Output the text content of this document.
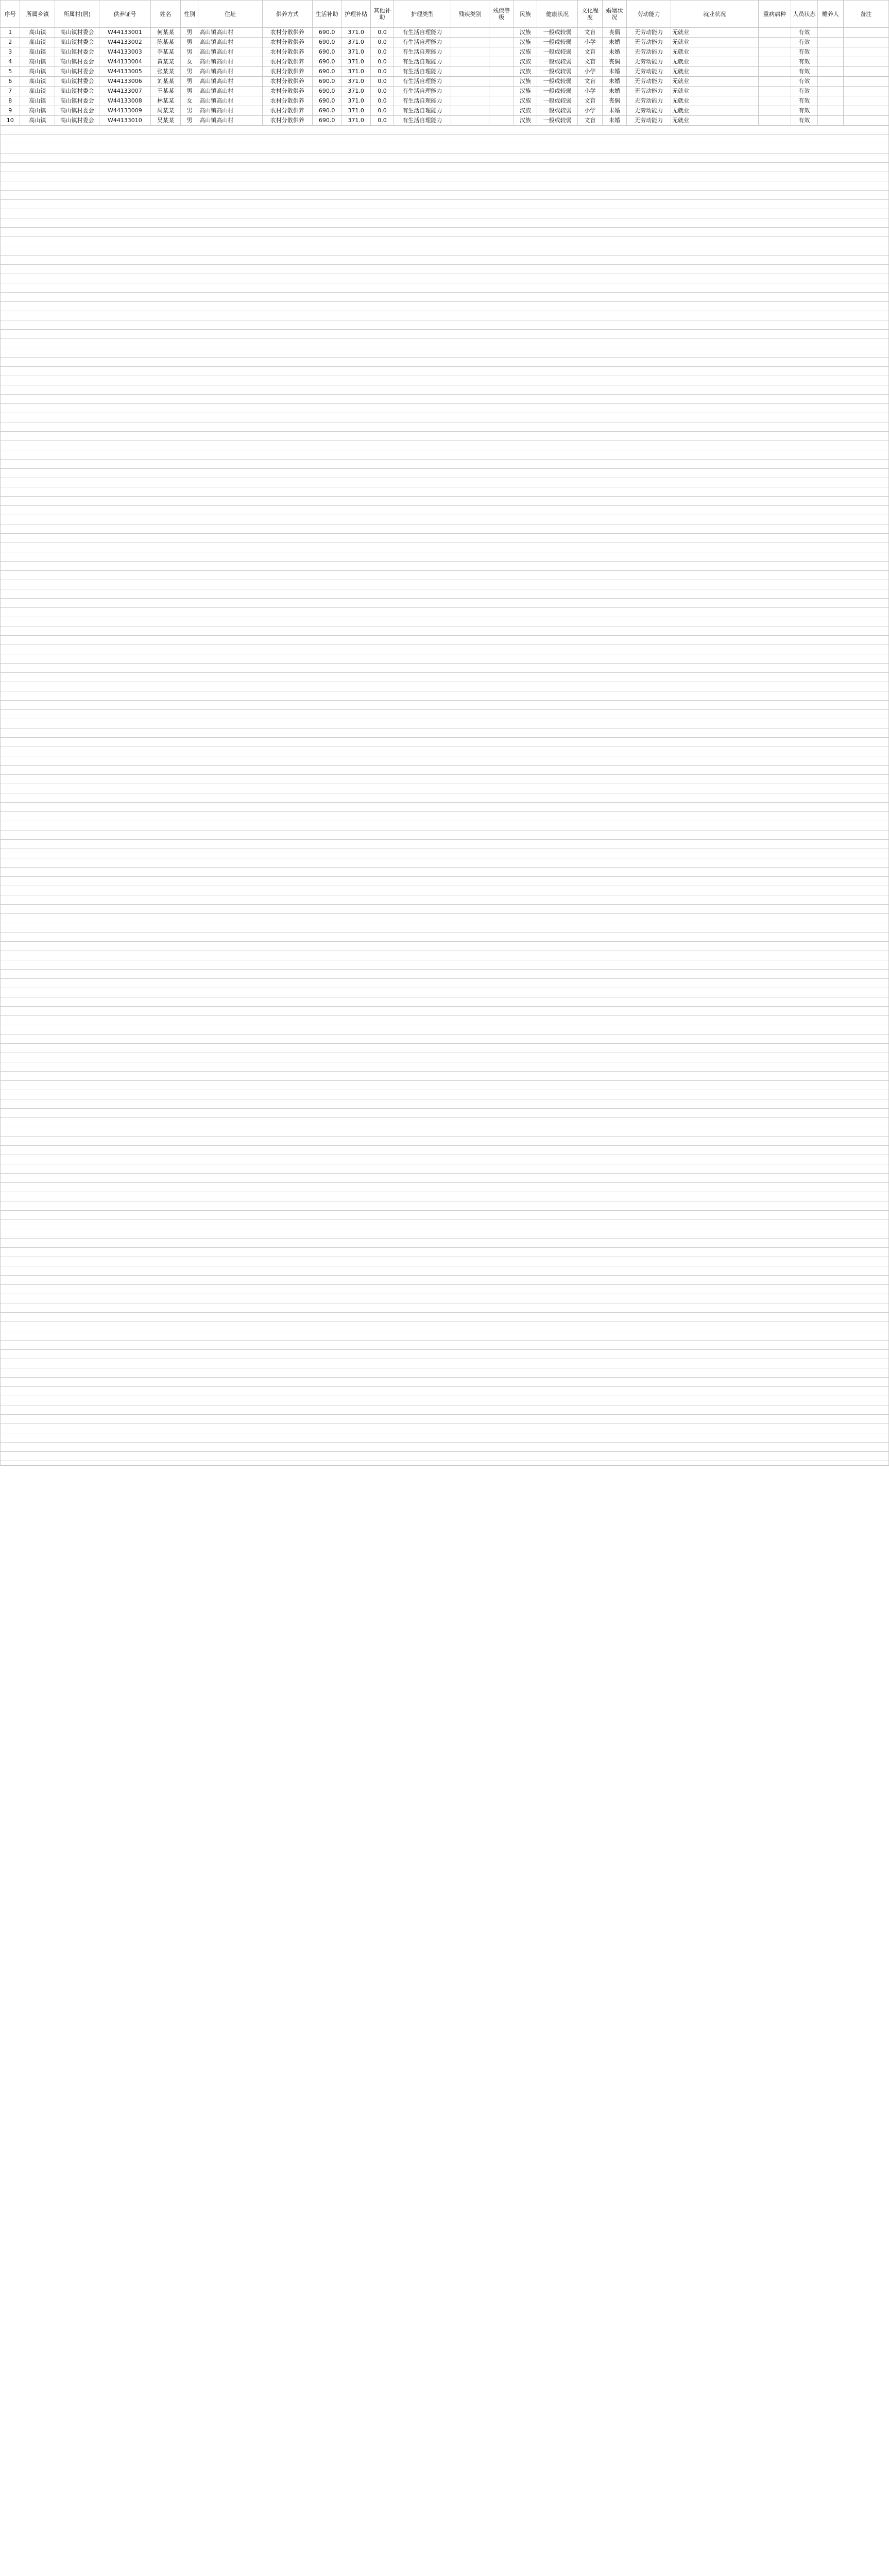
序号	所属乡镇	所属村(居)	供养证号	姓名	性别	住址	供养方式	生活补助	护理补贴	其他补助	护理类型	残疾类别	残疾等级	民族	健康状况	文化程度	婚姻状况	劳动能力	就业状况	重病病种	人员状态	赡养人	备注
1	高山镇	高山镇村委会	W44133001	何某某	男	高山镇高山村	农村分散供养	690.0	371.0	0.0	有生活自理能力			汉族	一般或较弱	文盲	丧偶	无劳动能力	无就业		有效		
2	高山镇	高山镇村委会	W44133002	陈某某	男	高山镇高山村	农村分散供养	690.0	371.0	0.0	有生活自理能力			汉族	一般或较弱	小学	未婚	无劳动能力	无就业		有效		
3	高山镇	高山镇村委会	W44133003	李某某	男	高山镇高山村	农村分散供养	690.0	371.0	0.0	有生活自理能力			汉族	一般或较弱	文盲	未婚	无劳动能力	无就业		有效		
4	高山镇	高山镇村委会	W44133004	黄某某	女	高山镇高山村	农村分散供养	690.0	371.0	0.0	有生活自理能力			汉族	一般或较弱	文盲	丧偶	无劳动能力	无就业		有效		
5	高山镇	高山镇村委会	W44133005	张某某	男	高山镇高山村	农村分散供养	690.0	371.0	0.0	有生活自理能力			汉族	一般或较弱	小学	未婚	无劳动能力	无就业		有效		
6	高山镇	高山镇村委会	W44133006	刘某某	男	高山镇高山村	农村分散供养	690.0	371.0	0.0	有生活自理能力			汉族	一般或较弱	文盲	未婚	无劳动能力	无就业		有效		
7	高山镇	高山镇村委会	W44133007	王某某	男	高山镇高山村	农村分散供养	690.0	371.0	0.0	有生活自理能力			汉族	一般或较弱	小学	未婚	无劳动能力	无就业		有效		
8	高山镇	高山镇村委会	W44133008	林某某	女	高山镇高山村	农村分散供养	690.0	371.0	0.0	有生活自理能力			汉族	一般或较弱	文盲	丧偶	无劳动能力	无就业		有效		
9	高山镇	高山镇村委会	W44133009	周某某	男	高山镇高山村	农村分散供养	690.0	371.0	0.0	有生活自理能力			汉族	一般或较弱	小学	未婚	无劳动能力	无就业		有效		
10	高山镇	高山镇村委会	W44133010	吴某某	男	高山镇高山村	农村分散供养	690.0	371.0	0.0	有生活自理能力			汉族	一般或较弱	文盲	未婚	无劳动能力	无就业		有效		
